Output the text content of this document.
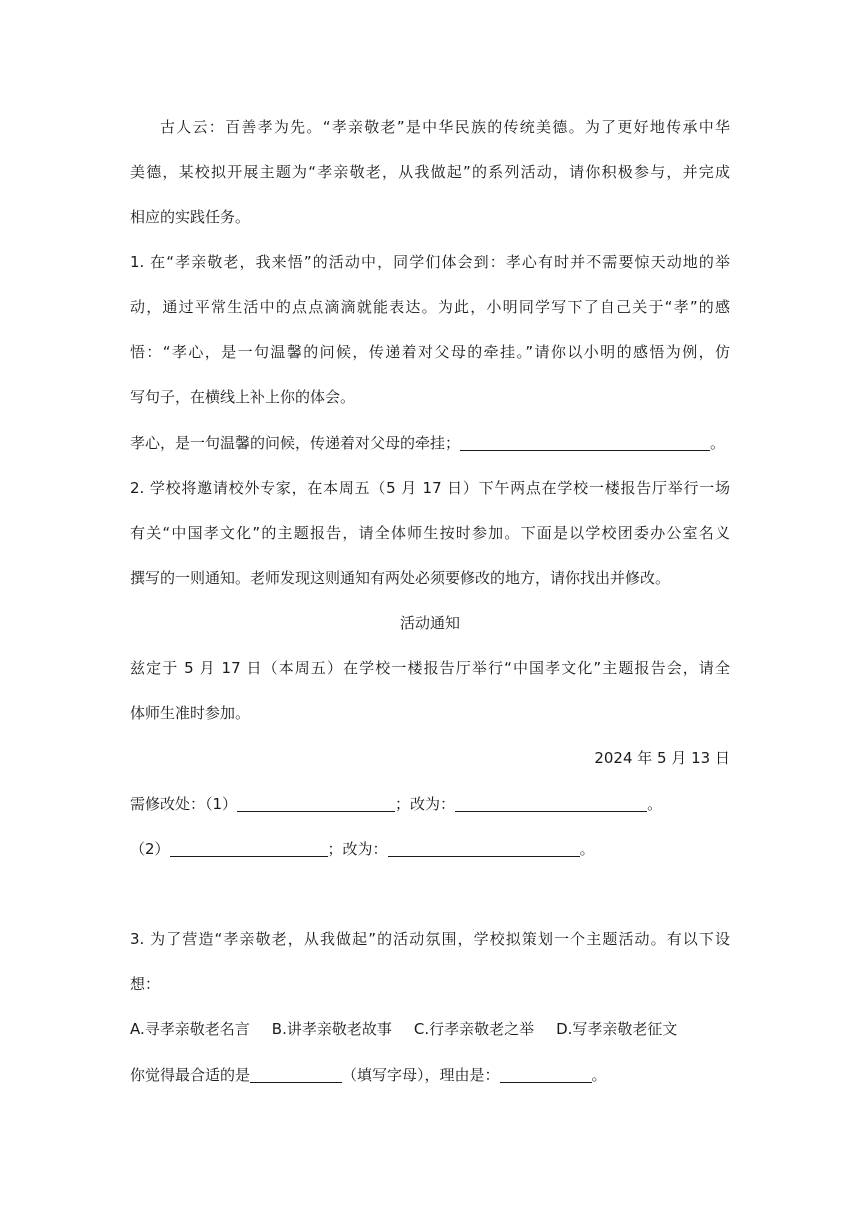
古人云：百善孝为先。“孝亲敬老”是中华民族的传统美德。为了更好地传承中华
美德，某校拟开展主题为“孝亲敬老，从我做起”的系列活动，请你积极参与，并完成
相应的实践任务。
1. 在“孝亲敬老，我来悟”的活动中，同学们体会到：孝心有时并不需要惊天动地的举
动，通过平常生活中的点点滴滴就能表达。为此，小明同学写下了自己关于“孝”的感
悟：“孝心，是一句温馨的问候，传递着对父母的牵挂。”请你以小明的感悟为例，仿
写句子，在横线上补上你的体会。
孝心，是一句温馨的问候，传递着对父母的牵挂；	。
2. 学校将邀请校外专家，在本周五（5 月 17 日）下午两点在学校一楼报告厅举行一场
有关“中国孝文化”的主题报告，请全体师生按时参加。下面是以学校团委办公室名义
撰写的一则通知。老师发现这则通知有两处必须要修改的地方，请你找出并修改。
活动通知
兹定于 5 月 17 日（本周五）在学校一楼报告厅举行“中国孝文化”主题报告会，请全
体师生准时参加。
2024 年 5 月 13 日
需修改处：（1）	；改为：	。
（2）	；改为：	。
3. 为了营造“孝亲敬老，从我做起”的活动氛围，学校拟策划一个主题活动。有以下设
想：
A.寻孝亲敬老名言 B.讲孝亲敬老故事 C.行孝亲敬老之举 D.写孝亲敬老征文
你觉得最合适的是	（填写字母），理由是：	。
